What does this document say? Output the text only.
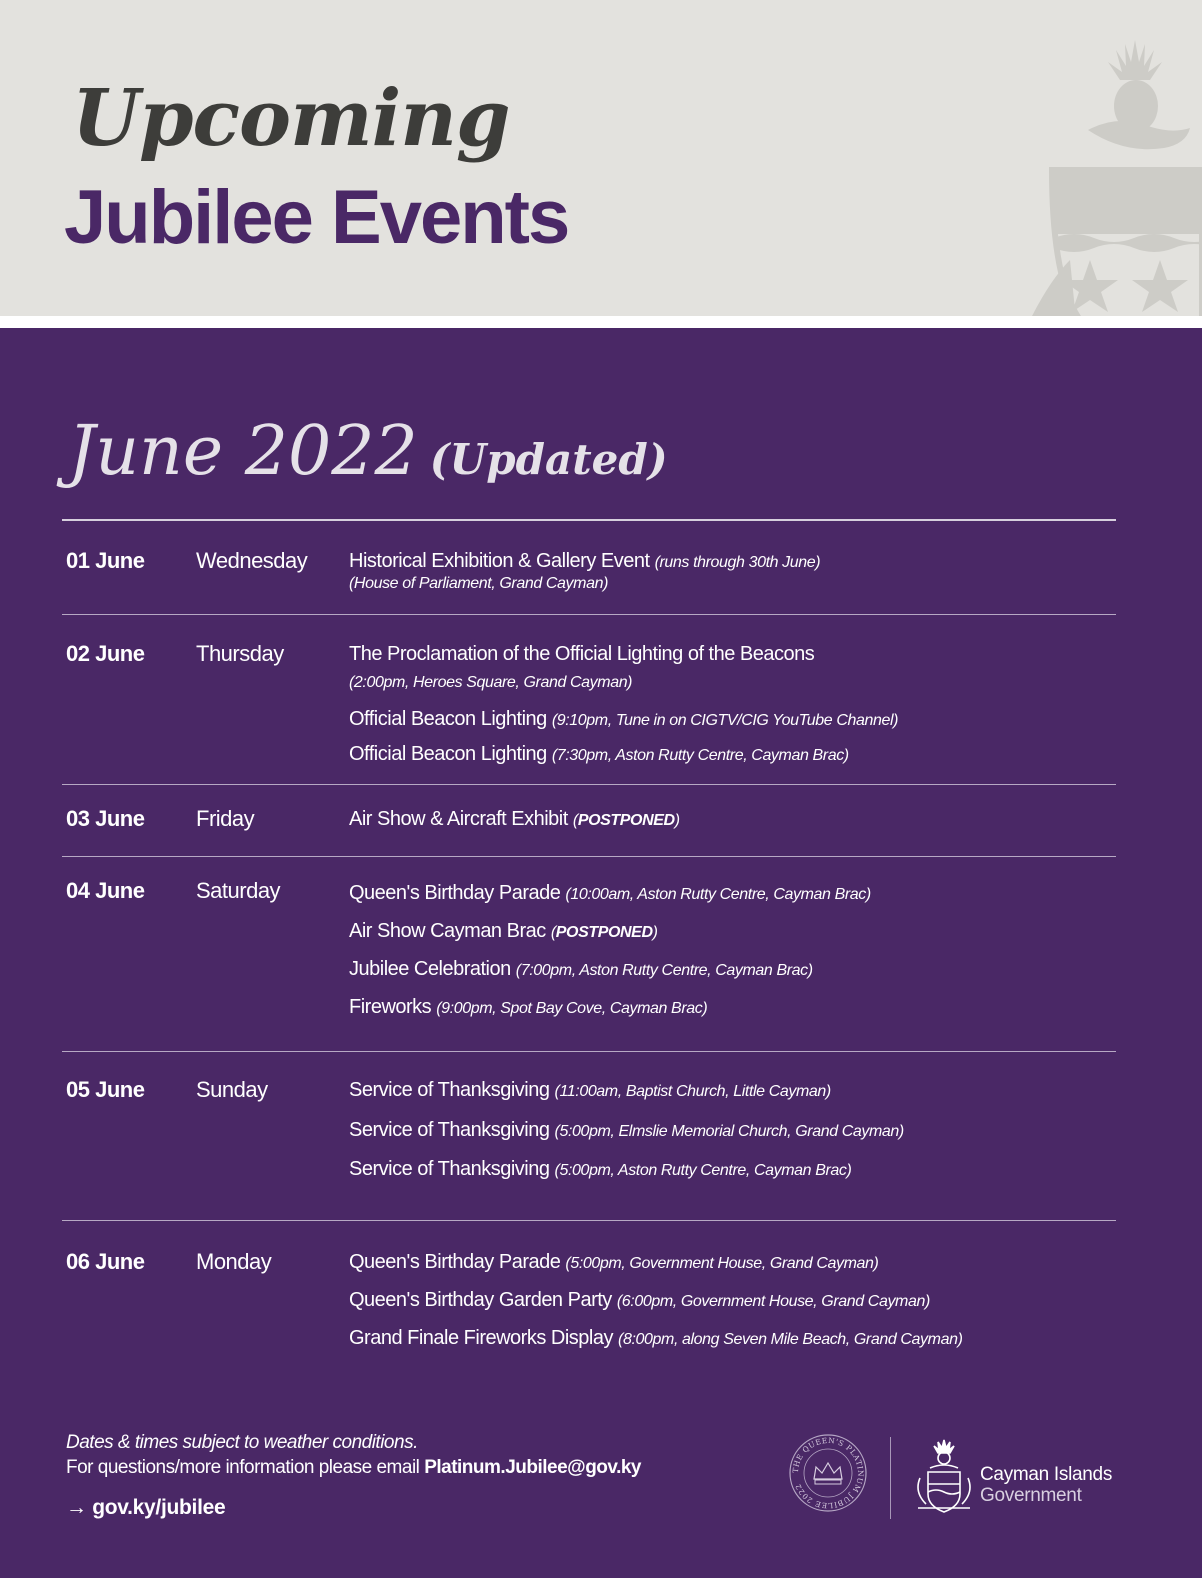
Upcoming
Jubilee Events
June 2022 (Updated)
01 June Wednesday Historical Exhibition & Gallery Event (runs through 30th June)
(House of Parliament, Grand Cayman)
02 June Thursday	The Proclamation of the Official Lighting of the Beacons
(2:00pm, Heroes Square, Grand Cayman)
Official Beacon Lighting (9:10pm, Tune in on CIGTV/CIG YouTube Channel)
Official Beacon Lighting (7:30pm, Aston Rutty Centre, Cayman Brac)
03 June Friday	Air Show & Aircraft Exhibit (POSTPONED)
04 June Saturday	Queen's Birthday Parade (10:00am, Aston Rutty Centre, Cayman Brac)
Air Show Cayman Brac (POSTPONED)
Jubilee Celebration (7:00pm, Aston Rutty Centre, Cayman Brac)
Fireworks (9:00pm, Spot Bay Cove, Cayman Brac)
05 June Sunday	Service of Thanksgiving (11:00am, Baptist Church, Little Cayman)
Service of Thanksgiving (5:00pm, Elmslie Memorial Church, Grand Cayman)
Service of Thanksgiving (5:00pm, Aston Rutty Centre, Cayman Brac)
06 June Monday	Queen's Birthday Parade (5:00pm, Government House, Grand Cayman)
Queen's Birthday Garden Party (6:00pm, Government House, Grand Cayman)
Grand Finale Fireworks Display (8:00pm, along Seven Mile Beach, Grand Cayman)
Dates & times subject to weather conditions.
For questions/more information please email Platinum.Jubilee@gov.ky
→ gov.ky/jubilee
THE QUEEN'S PLATINUM JUBILEE 2022
Cayman Islands
Government
